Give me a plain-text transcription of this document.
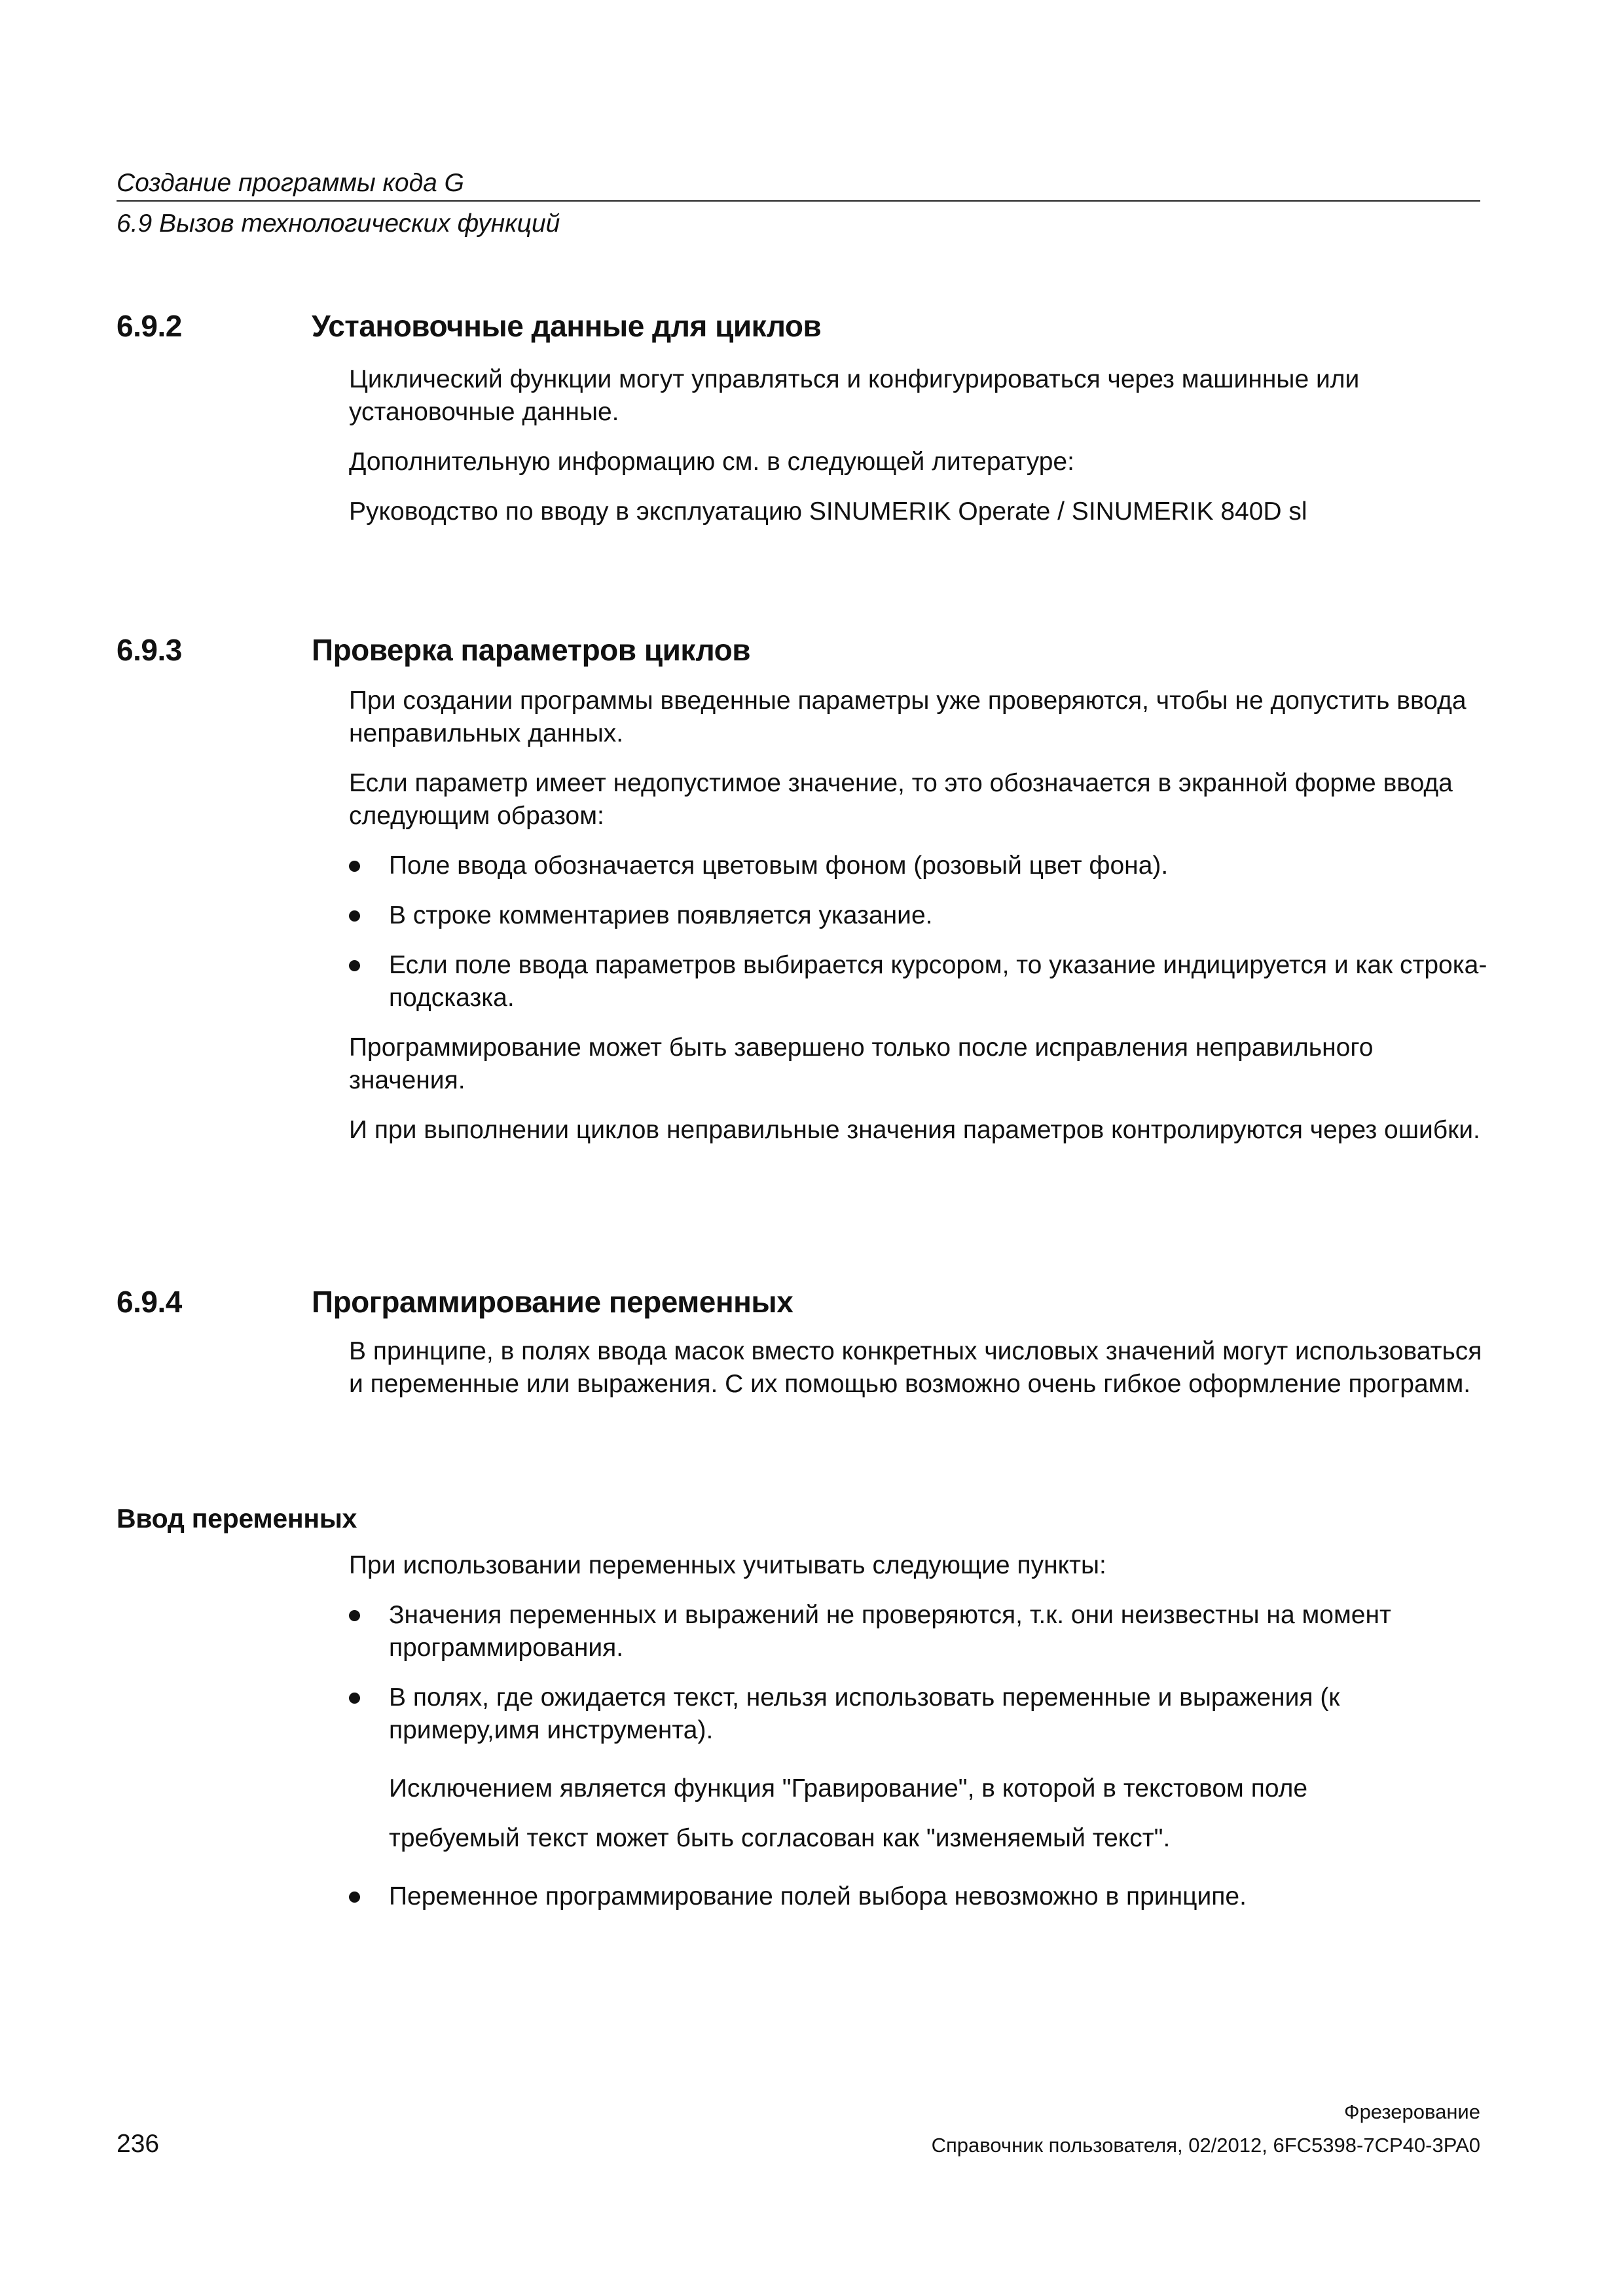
Создание программы кода G
6.9 Вызов технологических функций
6.9.2	Установочные данные для циклов

Циклический функции могут управляться и конфигурироваться через машинные или установочные данные.

Дополнительную информацию см. в следующей литературе:

Руководство по вводу в эксплуатацию SINUMERIK Operate / SINUMERIK 840D sl

6.9.3	Проверка параметров циклов

При создании программы введенные параметры уже проверяются, чтобы не допустить ввода неправильных данных.

Если параметр имеет недопустимое значение, то это обозначается в экранной форме ввода следующим образом:

Поле ввода обозначается цветовым фоном (розовый цвет фона).
В строке комментариев появляется указание.
Если поле ввода параметров выбирается курсором, то указание индицируется и как строка-подсказка.

Программирование может быть завершено только после исправления неправильного значения.

И при выполнении циклов неправильные значения параметров контролируются через ошибки.

6.9.4	Программирование переменных

В принципе, в полях ввода масок вместо конкретных числовых значений могут использоваться и переменные или выражения. С их помощью возможно очень гибкое оформление программ.

Ввод переменных

При использовании переменных учитывать следующие пункты:

Значения переменных и выражений не проверяются, т.к. они неизвестны на момент программирования.
В полях, где ожидается текст, нельзя использовать переменные и выражения (к примеру,имя инструмента).
Исключением является функция "Гравирование", в которой в текстовом поле
требуемый текст может быть согласован как "изменяемый текст".
Переменное программирование полей выбора невозможно в принципе.
Фрезерование
236	Справочник пользователя, 02/2012, 6FC5398-7CP40-3PA0
